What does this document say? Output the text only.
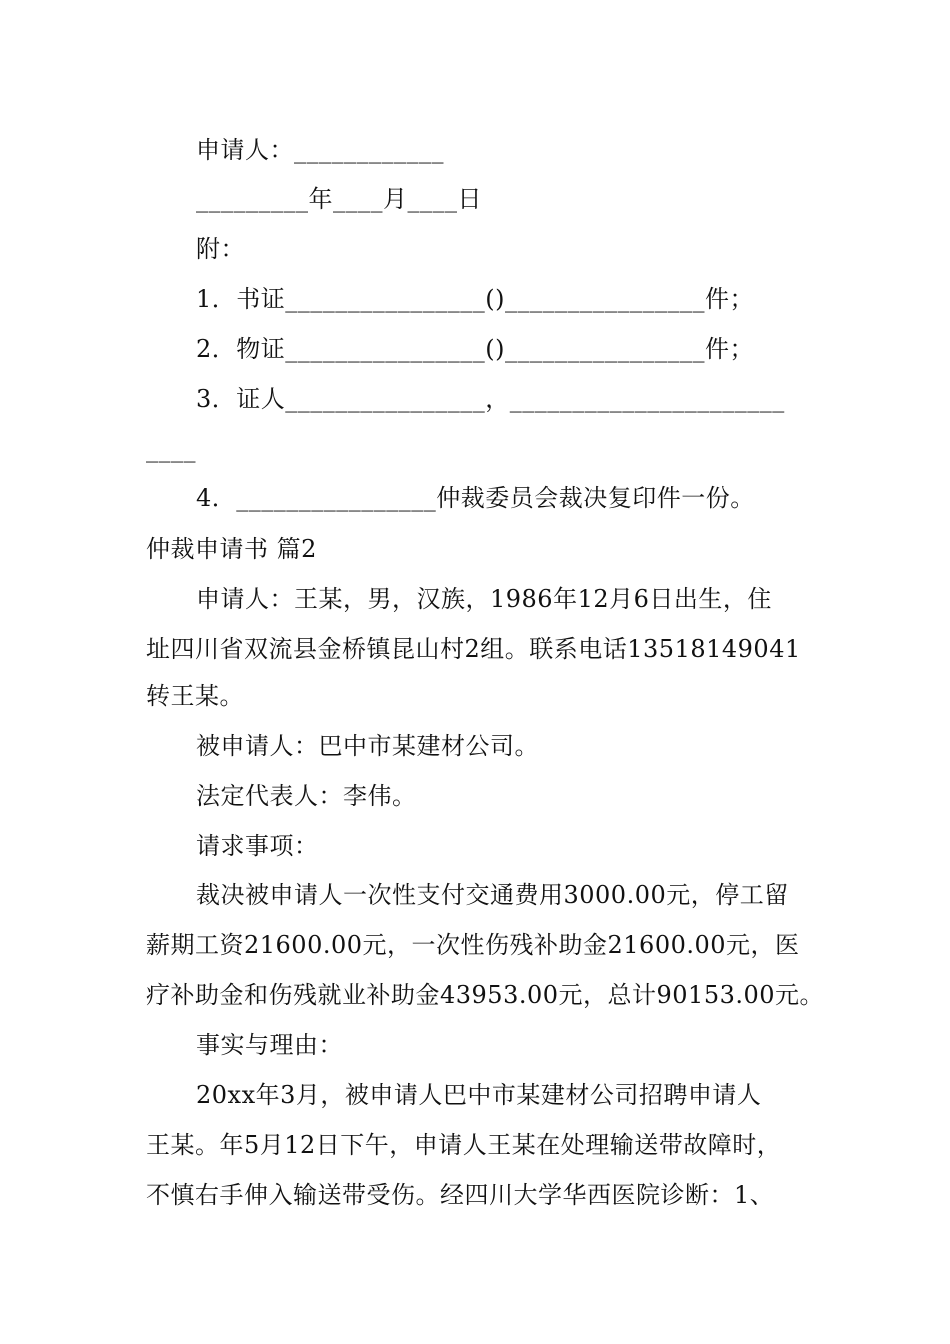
申请人：____________
_________年____月____日
附：
1．书证________________()________________件；
2．物证________________()________________件；
3．证人________________，______________________
____
4．________________仲裁委员会裁决复印件一份。
仲裁申请书 篇2
申请人：王某，男，汉族，1986年12月6日出生，住
址四川省双流县金桥镇昆山村2组。联系电话13518149041
转王某。
被申请人：巴中市某建材公司。
法定代表人：李伟。
请求事项：
裁决被申请人一次性支付交通费用3000.00元，停工留
薪期工资21600.00元，一次性伤残补助金21600.00元，医
疗补助金和伤残就业补助金43953.00元，总计90153.00元。
事实与理由：
20xx年3月，被申请人巴中市某建材公司招聘申请人
王某。年5月12日下午，申请人王某在处理输送带故障时，
不慎右手伸入输送带受伤。经四川大学华西医院诊断：1、
